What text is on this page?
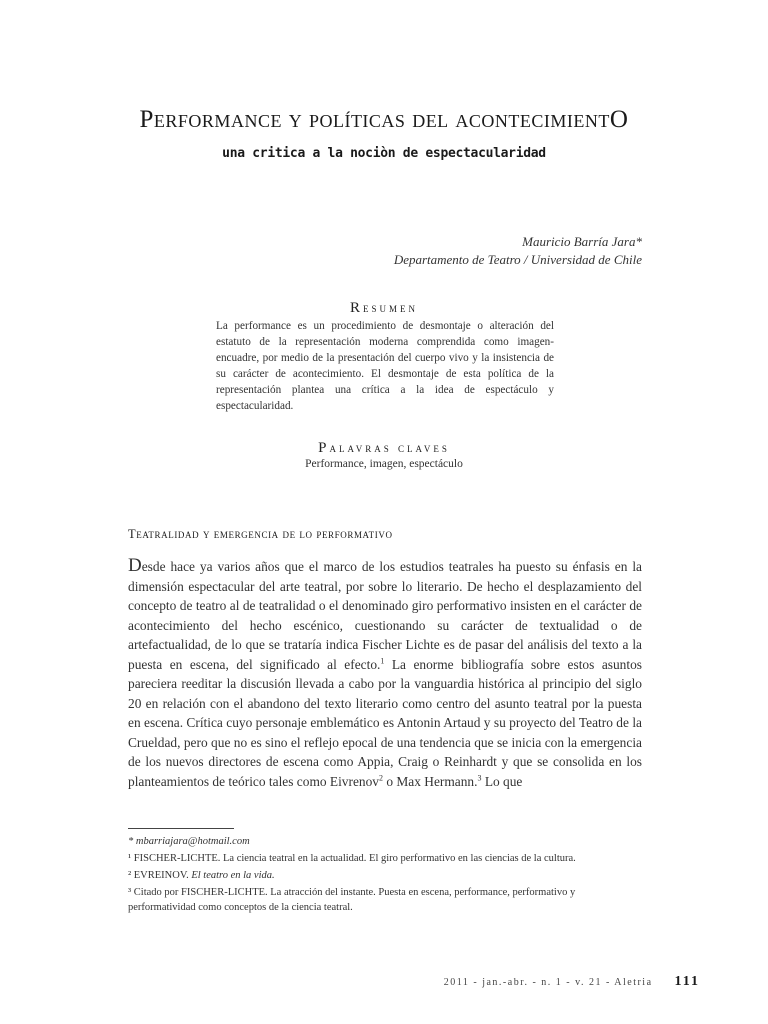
Performance y políticas del acontecimientO
una critica a la nociòn de espectacularidad
Mauricio Barría Jara*
Departamento de Teatro / Universidad de Chile
Resumen
La performance es un procedimiento de desmontaje o alteración del estatuto de la representación moderna comprendida como imagen-encuadre, por medio de la presentación del cuerpo vivo y la insistencia de su carácter de acontecimiento. El desmontaje de esta política de la representación plantea una crítica a la idea de espectáculo y espectacularidad.
Palavras claves
Performance, imagen, espectáculo
Teatralidad y emergencia de lo performativo

Desde hace ya varios años que el marco de los estudios teatrales ha puesto su énfasis en la dimensión espectacular del arte teatral, por sobre lo literario. De hecho el desplazamiento del concepto de teatro al de teatralidad o el denominado giro performativo insisten en el carácter de acontecimiento del hecho escénico, cuestionando su carácter de textualidad o de artefactualidad, de lo que se trataría indica Fischer Lichte es de pasar del análisis del texto a la puesta en escena, del significado al efecto.$^1$ La enorme bibliografía sobre estos asuntos pareciera reeditar la discusión llevada a cabo por la vanguardia histórica al principio del siglo 20 en relación con el abandono del texto literario como centro del asunto teatral por la puesta en escena. Crítica cuyo personaje emblemático es Antonin Artaud y su proyecto del Teatro de la Crueldad, pero que no es sino el reflejo epocal de una tendencia que se inicia con la emergencia de los nuevos directores de escena como Appia, Craig o Reinhardt y que se consolida en los planteamientos de teórico tales como Eivrenov$^2$ o Max Hermann.$^3$ Lo que

* mbarriajara@hotmail.com

¹ FISCHER-LICHTE. La ciencia teatral en la actualidad. El giro performativo en las ciencias de la cultura.

² EVREINOV. El teatro en la vida.

³ Citado por FISCHER-LICHTE. La atracción del instante. Puesta en escena, performance, performativo y performatividad como conceptos de la ciencia teatral.

2011 - jan.-abr. - n. 1 - v. 21 - Aletria 111
